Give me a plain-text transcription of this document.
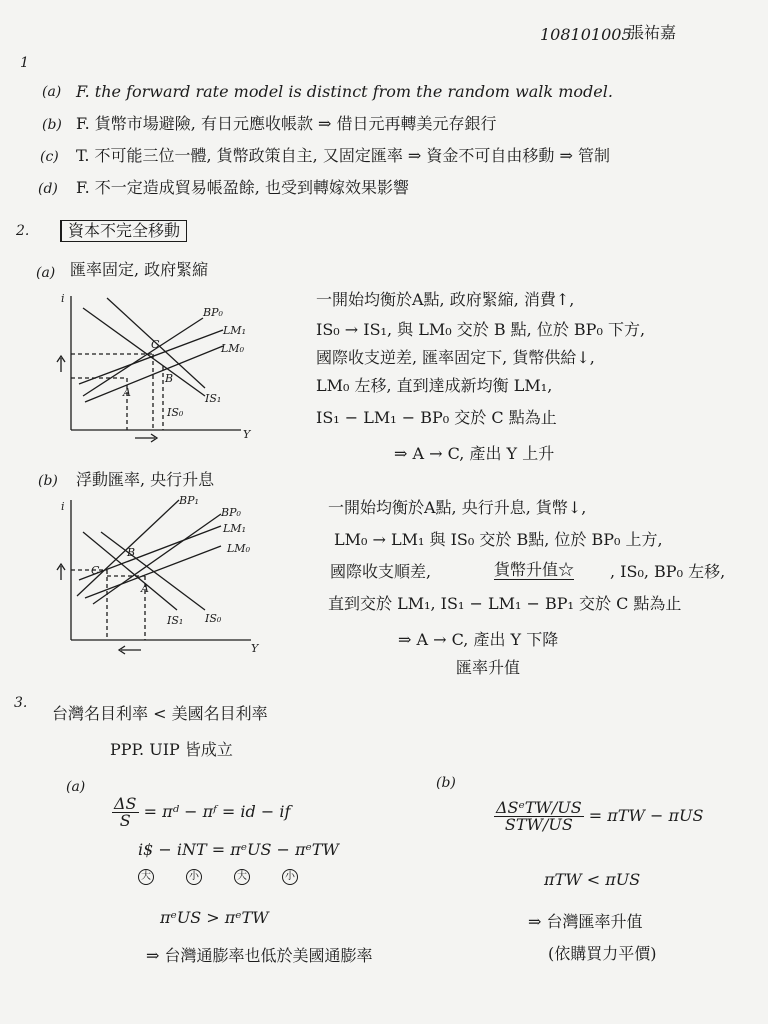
108101005
張祐嘉
1
(a) F. the forward rate model is distinct from the random walk model.
(b) F. 貨幣市場避險, 有日元應收帳款 ⇒ 借日元再轉美元存銀行
(c) T. 不可能三位一體, 貨幣政策自主, 又固定匯率 ⇒ 資金不可自由移動 ⇒ 管制
(d) F. 不一定造成貿易帳盈餘, 也受到轉嫁效果影響
2.	資本不完全移動
(a) 匯率固定, 政府緊縮
i
Y
BP₀
LM₁
LM₀
IS₀
IS₁
C
A
B
一開始均衡於A點, 政府緊縮, 消費↑,
IS₀ → IS₁, 與 LM₀ 交於 B 點, 位於 BP₀ 下方,
國際收支逆差, 匯率固定下, 貨幣供給↓,
LM₀ 左移, 直到達成新均衡 LM₁,
IS₁ − LM₁ − BP₀ 交於 C 點為止
⇒ A → C, 產出 Y 上升
(b) 浮動匯率, 央行升息
i
Y
BP₁
BP₀
LM₁
LM₀
IS₀
IS₁
C
B
A
一開始均衡於A點, 央行升息, 貨幣↓,
LM₀ → LM₁ 與 IS₀ 交於 B點, 位於 BP₀ 上方,
國際收支順差,	貨幣升值☆ , IS₀, BP₀ 左移,
直到交於 LM₁, IS₁ − LM₁ − BP₁ 交於 C 點為止
⇒ A → C, 產出 Y 下降
匯率升值
3.
台灣名目利率 < 美國名目利率
PPP. UIP 皆成立
(a)
$\frac{\Delta S}{S}$ = πᵈ − πᶠ = id − if
i$ − iNT = πᵉUS − πᵉTW
大	小	大	小
πᵉUS > πᵉTW
⇒ 台灣通膨率也低於美國通膨率
(b)
$\frac{\text{ΔSᵉTW/US}}{\text{STW/US}} = \pi TW - \pi US$
πTW < πUS
⇒ 台灣匯率升值
(依購買力平價)
